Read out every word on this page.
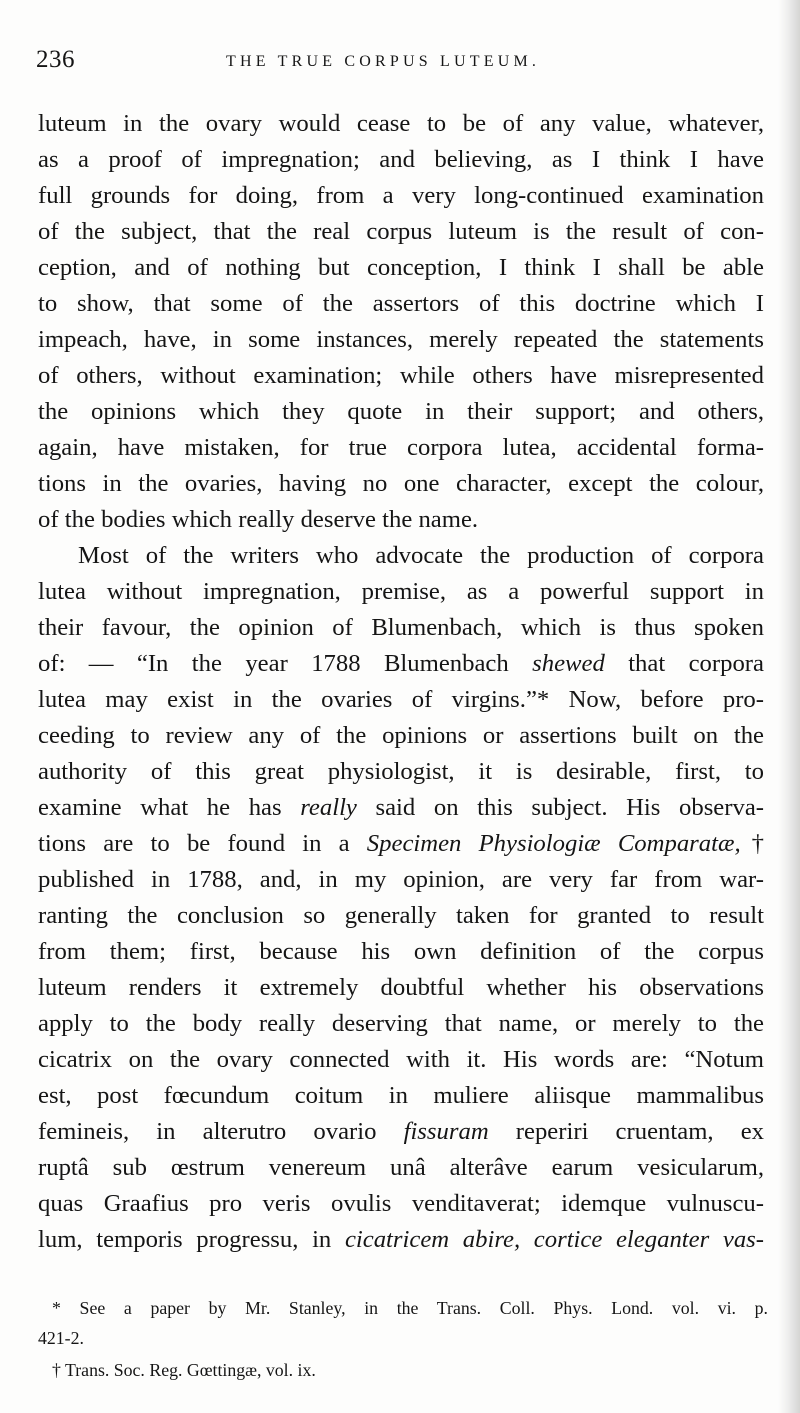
236	THE TRUE CORPUS LUTEUM.
luteum in the ovary would cease to be of any value, whatever,
as a proof of impregnation; and believing, as I think I have
full grounds for doing, from a very long-continued examination
of the subject, that the real corpus luteum is the result of con-
ception, and of nothing but conception, I think I shall be able
to show, that some of the assertors of this doctrine which I
impeach, have, in some instances, merely repeated the statements
of others, without examination; while others have misrepresented
the opinions which they quote in their support; and others,
again, have mistaken, for true corpora lutea, accidental forma-
tions in the ovaries, having no one character, except the colour,
of the bodies which really deserve the name.
Most of the writers who advocate the production of corpora
lutea without impregnation, premise, as a powerful support in
their favour, the opinion of Blumenbach, which is thus spoken
of: — “In the year 1788 Blumenbach shewed that corpora
lutea may exist in the ovaries of virgins.”* Now, before pro-
ceeding to review any of the opinions or assertions built on the
authority of this great physiologist, it is desirable, first, to
examine what he has really said on this subject. His observa-
tions are to be found in a Specimen Physiologiæ Comparatæ,†
published in 1788, and, in my opinion, are very far from war-
ranting the conclusion so generally taken for granted to result
from them; first, because his own definition of the corpus
luteum renders it extremely doubtful whether his observations
apply to the body really deserving that name, or merely to the
cicatrix on the ovary connected with it. His words are: “Notum
est, post fœcundum coitum in muliere aliisque mammalibus
femineis, in alterutro ovario fissuram reperiri cruentam, ex
ruptâ sub œstrum venereum unâ alterâve earum vesicularum,
quas Graafius pro veris ovulis venditaverat; idemque vulnuscu-
lum, temporis progressu, in cicatricem abire, cortice eleganter vas-
* See a paper by Mr. Stanley, in the Trans. Coll. Phys. Lond. vol. vi. p.
421-2.
† Trans. Soc. Reg. Gœttingæ, vol. ix.
